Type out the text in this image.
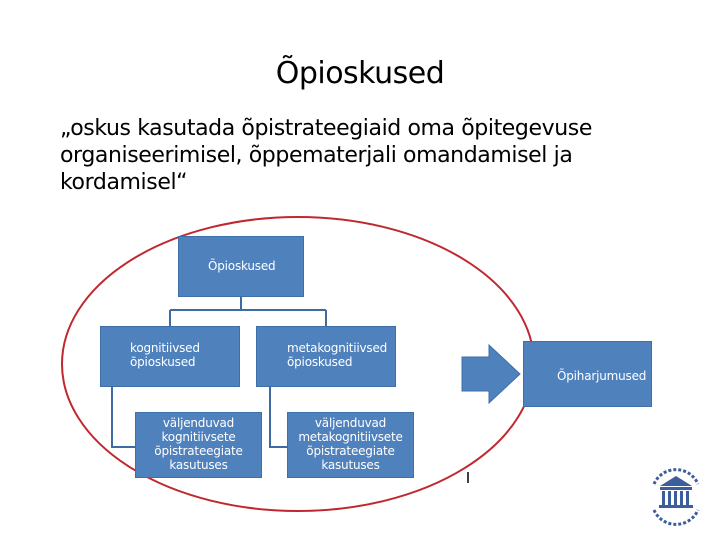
Õpioskused
„oskus kasutada õpistrateegiaid oma õpitegevuse
organiseerimisel, õppematerjali omandamisel ja
kordamisel“
Õpioskused
kognitiivsed
õpioskused
metakognitiivsed
õpioskused
väljenduvad
kognitiivsete
õpistrateegiate
kasutuses
väljenduvad
metakognitiivsete
õpistrateegiate
kasutuses
Õpiharjumused
